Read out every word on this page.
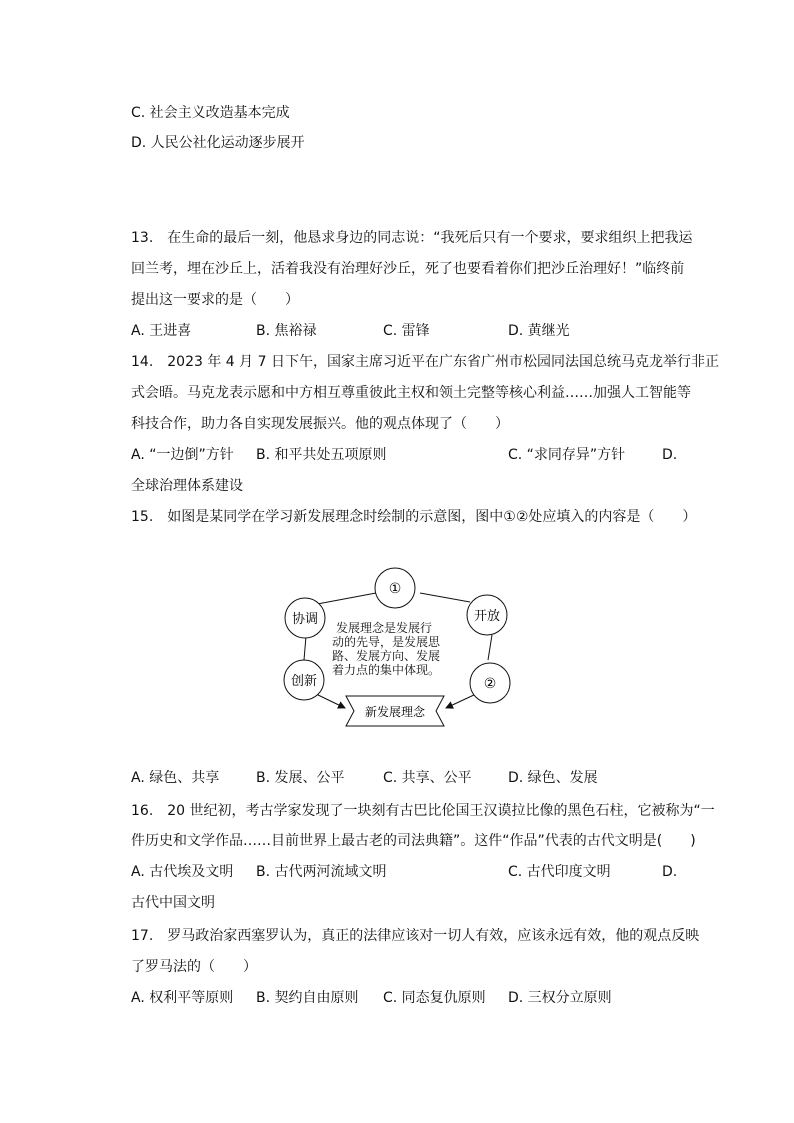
C. 社会主义改造基本完成
D. 人民公社化运动逐步展开
13.　在生命的最后一刻，他恳求身边的同志说：“我死后只有一个要求，要求组织上把我运
回兰考，埋在沙丘上，活着我没有治理好沙丘，死了也要看着你们把沙丘治理好！”临终前
提出这一要求的是（　　）
A. 王进喜	B. 焦裕禄	C. 雷锋	D. 黄继光
14.　2023 年 4 月 7 日下午，国家主席习近平在广东省广州市松园同法国总统马克龙举行非正
式会晤。马克龙表示愿和中方相互尊重彼此主权和领土完整等核心利益……加强人工智能等
科技合作，助力各自实现发展振兴。他的观点体现了（　　）
A. “一边倒”方针 B. 和平共处五项原则	C. “求同存异”方针	D.
全球治理体系建设
15.　如图是某同学在学习新发展理念时绘制的示意图，图中①②处应填入的内容是（　　）
①
协调	开放
创新	②
发展理念是发展行
动的先导，是发展思
路、发展方向、发展
着力点的集中体现。
新发展理念
A. 绿色、共享	B. 发展、公平	C. 共享、公平	D. 绿色、发展
16.　20 世纪初，考古学家发现了一块刻有古巴比伦国王汉谟拉比像的黑色石柱，它被称为“一
件历史和文学作品……目前世界上最古老的司法典籍”。这件“作品”代表的古代文明是(　　)
A. 古代埃及文明 B. 古代两河流域文明	C. 古代印度文明	D.
古代中国文明
17.　罗马政治家西塞罗认为，真正的法律应该对一切人有效，应该永远有效，他的观点反映
了罗马法的（　　）
A. 权利平等原则 B. 契约自由原则 C. 同态复仇原则 D. 三权分立原则
